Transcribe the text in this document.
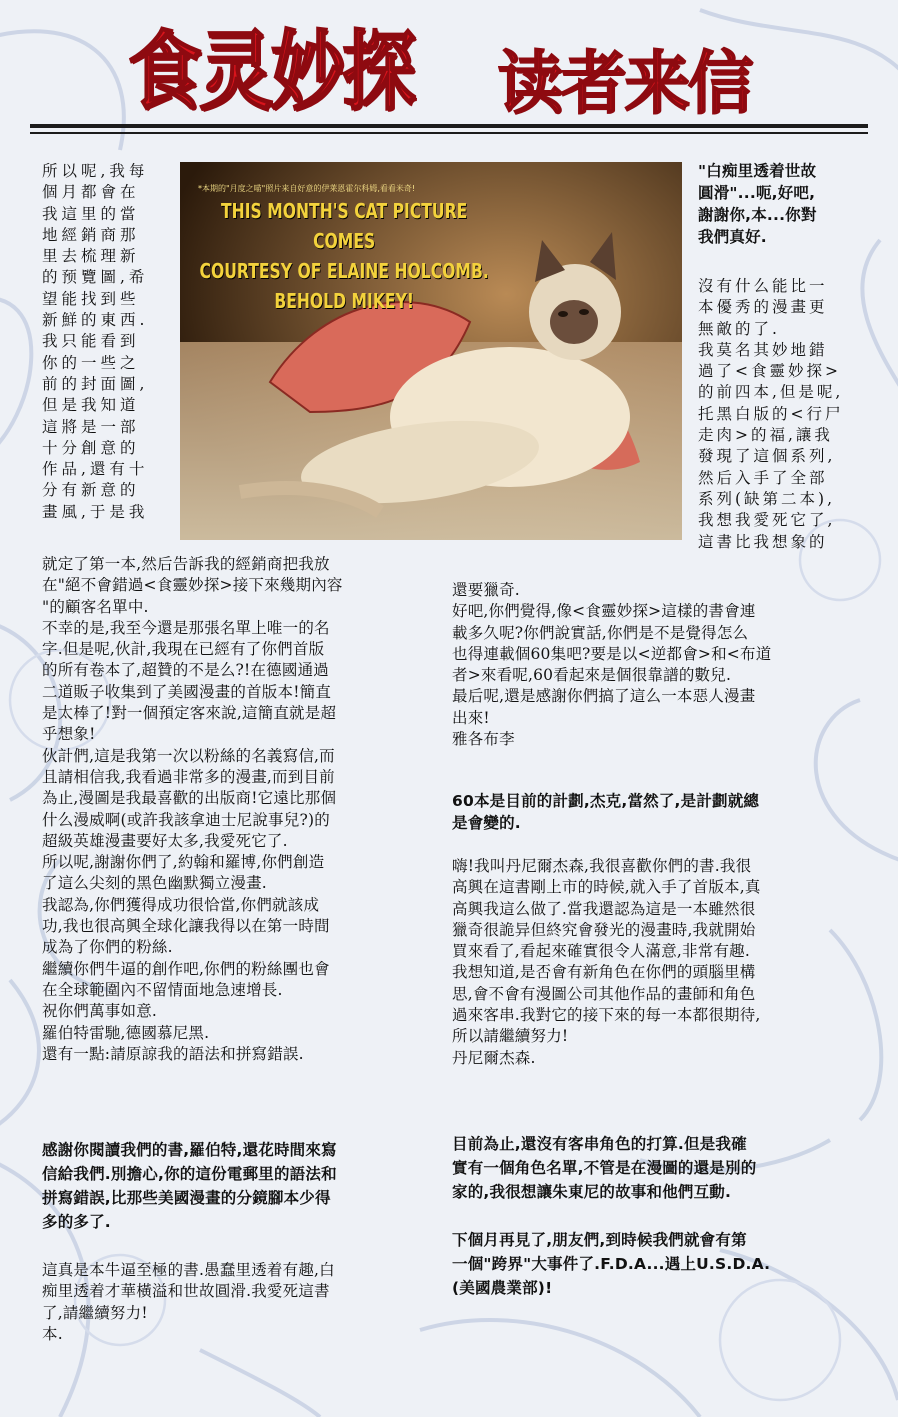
食灵妙探 读者来信
*本期的"月度之喵"照片来自好意的伊莱恩霍尔科姆,看看米奇!
THIS MONTH'S CAT PICTURE COMES
COURTESY OF ELAINE HOLCOMB.
BEHOLD MIKEY!
所以呢,我每
個月都會在
我這里的當
地經銷商那
里去梳理新
的预覽圖,希
望能找到些
新鮮的東西.
我只能看到
你的一些之
前的封面圖,
但是我知道
這將是一部
十分創意的
作品,還有十
分有新意的
畫風,于是我
就定了第一本,然后告訴我的經銷商把我放
在"絕不會錯過<食靈妙探>接下來幾期內容
"的顧客名單中.
不幸的是,我至今還是那張名單上唯一的名
字.但是呢,伙計,我現在已經有了你們首版
的所有卷本了,超贊的不是么?!在德國通過
二道販子收集到了美國漫畫的首版本!簡直
是太棒了!對一個預定客來說,這簡直就是超
乎想象!
伙計們,這是我第一次以粉絲的名義寫信,而
且請相信我,我看過非常多的漫畫,而到目前
為止,漫圖是我最喜歡的出版商!它遠比那個
什么漫威啊(或許我該拿迪士尼說事兒?)的
超級英雄漫畫要好太多,我愛死它了.
所以呢,謝謝你們了,約翰和羅博,你們創造
了這么尖刻的黑色幽默獨立漫畫.
我認為,你們獲得成功很恰當,你們就該成
功,我也很高興全球化讓我得以在第一時間
成為了你們的粉絲.
繼續你們牛逼的創作吧,你們的粉絲團也會
在全球範圍內不留情面地急速增長.
祝你們萬事如意.
羅伯特雷馳,德國慕尼黑.
還有一點:請原諒我的語法和拼寫錯誤.
感謝你閱讀我們的書,羅伯特,還花時間來寫
信給我們.別擔心,你的這份電郵里的語法和
拼寫錯誤,比那些美國漫畫的分鏡腳本少得
多的多了.
這真是本牛逼至極的書.愚蠢里透着有趣,白
痴里透着才華橫溢和世故圓滑.我愛死這書
了,請繼續努力!
本.
"白痴里透着世故
圓滑"...呃,好吧,
謝謝你,本...你對
我們真好.
沒有什么能比一
本優秀的漫畫更
無敵的了.
我莫名其妙地錯
過了<食靈妙探>
的前四本,但是呢,
托黑白版的<行尸
走肉>的福,讓我
發現了這個系列,
然后入手了全部
系列(缺第二本),
我想我愛死它了,
這書比我想象的
還要獵奇.
好吧,你們覺得,像<食靈妙探>這樣的書會連
載多久呢?你們說實話,你們是不是覺得怎么
也得連載個60集吧?要是以<逆都會>和<布道
者>來看呢,60看起來是個很靠譜的數兒.
最后呢,還是感謝你們搞了這么一本惡人漫畫
出來!
雅各布李
60本是目前的計劃,杰克,當然了,是計劃就總
是會變的.
嗨!我叫丹尼爾杰森,我很喜歡你們的書.我很
高興在這書剛上市的時候,就入手了首版本,真
高興我這么做了.當我還認為這是一本雖然很
獵奇很詭异但終究會發光的漫畫時,我就開始
買來看了,看起來確實很令人滿意,非常有趣.
我想知道,是否會有新角色在你們的頭腦里構
思,會不會有漫圖公司其他作品的畫師和角色
過來客串.我對它的接下來的每一本都很期待,
所以請繼續努力!
丹尼爾杰森.
目前為止,還沒有客串角色的打算.但是我確
實有一個角色名單,不管是在漫圖的還是別的
家的,我很想讓朱東尼的故事和他們互動.
下個月再見了,朋友們,到時候我們就會有第
一個"跨界"大事件了.F.D.A...遇上U.S.D.A.
(美國農業部)!
